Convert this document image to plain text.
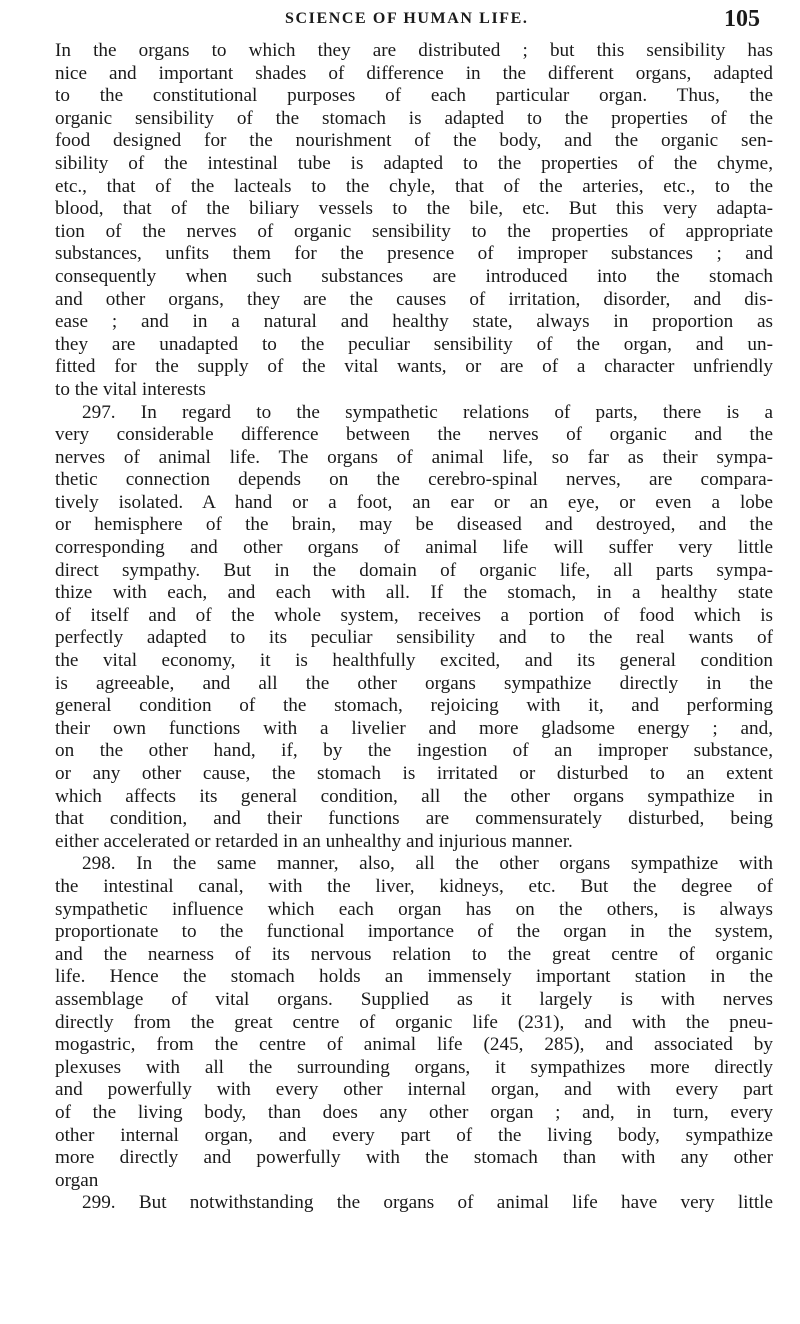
SCIENCE OF HUMAN LIFE.	105
In the organs to which they are distributed ; but this sensibility has
nice and important shades of difference in the different organs, adapted
to the constitutional purposes of each particular organ. Thus, the
organic sensibility of the stomach is adapted to the properties of the
food designed for the nourishment of the body, and the organic sen-
sibility of the intestinal tube is adapted to the properties of the chyme,
etc., that of the lacteals to the chyle, that of the arteries, etc., to the
blood, that of the biliary vessels to the bile, etc. But this very adapta-
tion of the nerves of organic sensibility to the properties of appropriate
substances, unfits them for the presence of improper substances ; and
consequently when such substances are introduced into the stomach
and other organs, they are the causes of irritation, disorder, and dis-
ease ; and in a natural and healthy state, always in proportion as
they are unadapted to the peculiar sensibility of the organ, and un-
fitted for the supply of the vital wants, or are of a character unfriendly
to the vital interests
297. In regard to the sympathetic relations of parts, there is a
very considerable difference between the nerves of organic and the
nerves of animal life. The organs of animal life, so far as their sympa-
thetic connection depends on the cerebro-spinal nerves, are compara-
tively isolated. A hand or a foot, an ear or an eye, or even a lobe
or hemisphere of the brain, may be diseased and destroyed, and the
corresponding and other organs of animal life will suffer very little
direct sympathy. But in the domain of organic life, all parts sympa-
thize with each, and each with all. If the stomach, in a healthy state
of itself and of the whole system, receives a portion of food which is
perfectly adapted to its peculiar sensibility and to the real wants of
the vital economy, it is healthfully excited, and its general condition
is agreeable, and all the other organs sympathize directly in the
general condition of the stomach, rejoicing with it, and performing
their own functions with a livelier and more gladsome energy ; and,
on the other hand, if, by the ingestion of an improper substance,
or any other cause, the stomach is irritated or disturbed to an extent
which affects its general condition, all the other organs sympathize in
that condition, and their functions are commensurately disturbed, being
either accelerated or retarded in an unhealthy and injurious manner.
298. In the same manner, also, all the other organs sympathize with
the intestinal canal, with the liver, kidneys, etc. But the degree of
sympathetic influence which each organ has on the others, is always
proportionate to the functional importance of the organ in the system,
and the nearness of its nervous relation to the great centre of organic
life. Hence the stomach holds an immensely important station in the
assemblage of vital organs. Supplied as it largely is with nerves
directly from the great centre of organic life (231), and with the pneu-
mogastric, from the centre of animal life (245, 285), and associated by
plexuses with all the surrounding organs, it sympathizes more directly
and powerfully with every other internal organ, and with every part
of the living body, than does any other organ ; and, in turn, every
other internal organ, and every part of the living body, sympathize
more directly and powerfully with the stomach than with any other
organ
299. But notwithstanding the organs of animal life have very little
